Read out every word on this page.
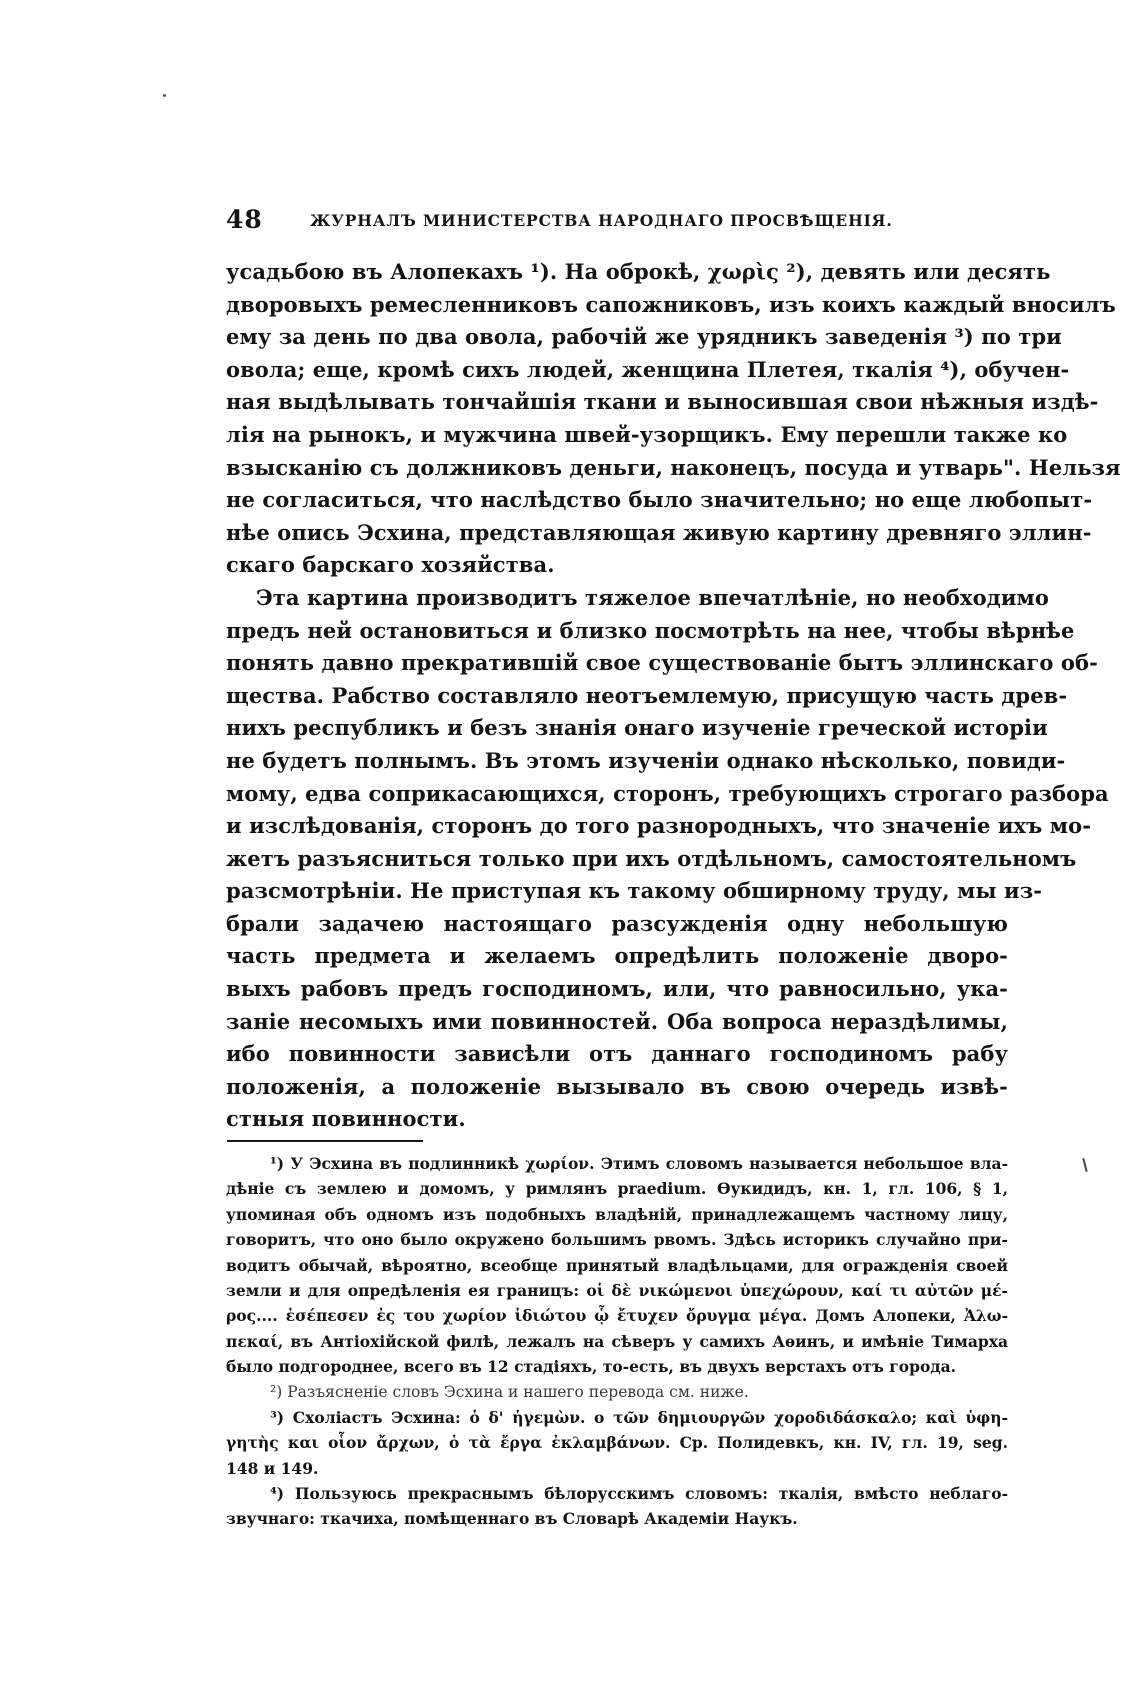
48	ЖУРНАЛЪ МИНИСТЕРСТВА НАРОДНАГО ПРОСВѢЩЕНІЯ.
усадьбою въ Алопекахъ ¹). На оброкѣ, χωρὶς ²), девять или десять
дворовыхъ ремесленниковъ сапожниковъ, изъ коихъ каждый вносилъ
ему за день по два овола, рабочій же урядникъ заведенія ³) по три
овола; еще, кромѣ сихъ людей, женщина Плетея, ткалія ⁴), обучен-
ная выдѣлывать тончайшія ткани и выносившая свои нѣжныя издѣ-
лія на рынокъ, и мужчина швей-узорщикъ. Ему перешли также ко
взысканію съ должниковъ деньги, наконецъ, посуда и утварь". Нельзя
не согласиться, что наслѣдство было значительно; но еще любопыт-
нѣе опись Эсхина, представляющая живую картину древняго эллин-
скаго барскаго хозяйства.
Эта картина производитъ тяжелое впечатлѣніе, но необходимо
предъ ней остановиться и близко посмотрѣть на нее, чтобы вѣрнѣе
понять давно прекратившій свое существованіе бытъ эллинскаго об-
щества. Рабство составляло неотъемлемую, присущую часть древ-
нихъ республикъ и безъ знанія онаго изученіе греческой исторіи
не будетъ полнымъ. Въ этомъ изученіи однако нѣсколько, повиди-
мому, едва соприкасающихся, сторонъ, требующихъ строгаго разбора
и изслѣдованія, сторонъ до того разнородныхъ, что значеніе ихъ мо-
жетъ разъясниться только при ихъ отдѣльномъ, самостоятельномъ
разсмотрѣніи. Не приступая къ такому обширному труду, мы из-
брали задачею настоящаго разсужденія одну небольшую
часть предмета и желаемъ опредѣлить положеніе дворо-
выхъ рабовъ предъ господиномъ, или, что равносильно, ука-
заніе несомыхъ ими повинностей. Оба вопроса нераздѣлимы,
ибо повинности зависѣли отъ даннаго господиномъ рабу
положенія, а положеніе вызывало въ свою очередь извѣ-
стныя повинности.
¹) У Эсхина въ подлинникѣ χωρίον. Этимъ словомъ называется небольшое вла-
дѣніе съ землею и домомъ, у римлянъ praedium. Өукидидъ, кн. 1, гл. 106, § 1,
упоминая объ одномъ изъ подобныхъ владѣній, принадлежащемъ частному лицу,
говоритъ, что оно было окружено большимъ рвомъ. Здѣсь историкъ случайно при-
водитъ обычай, вѣроятно, всеобще принятый владѣльцами, для огражденія своей
земли и для опредѣленія ея границъ: οἱ δὲ νικώμενοι ὑπεχώρουν, καί τι αὐτῶν μέ-
ρος.... ἐσέπεσεν ἐς του χωρίον ἰδιώτου ᾧ ἔτυχεν ὄρυγμα μέγα. Домъ Алопеки, Ἀλω-
πεκαί, въ Антіохійской филѣ, лежалъ на сѣверъ у самихъ Аѳинъ, и имѣніе Тимарха
было подгороднее, всего въ 12 стадіяхъ, то-есть, въ двухъ верстахъ отъ города.
²) Разъясненіе словъ Эсхина и нашего перевода см. ниже.
³) Схоліастъ Эсхина: ὁ δ' ἡγεμὼν. ο τῶν δημιουργῶν χοροδιδάσκαλο; καὶ ὑφη-
γητὴς και οἷον ἄρχων, ὁ τὰ ἔργα ἐκλαμβάνων. Ср. Полидевкъ, кн. IV, гл. 19, seg.
148 и 149.
⁴) Пользуюсь прекраснымъ бѣлорусскимъ словомъ: ткалія, вмѣсто неблаго-
звучнаго: ткачиха, помѣщеннаго въ Словарѣ Академіи Наукъ.
